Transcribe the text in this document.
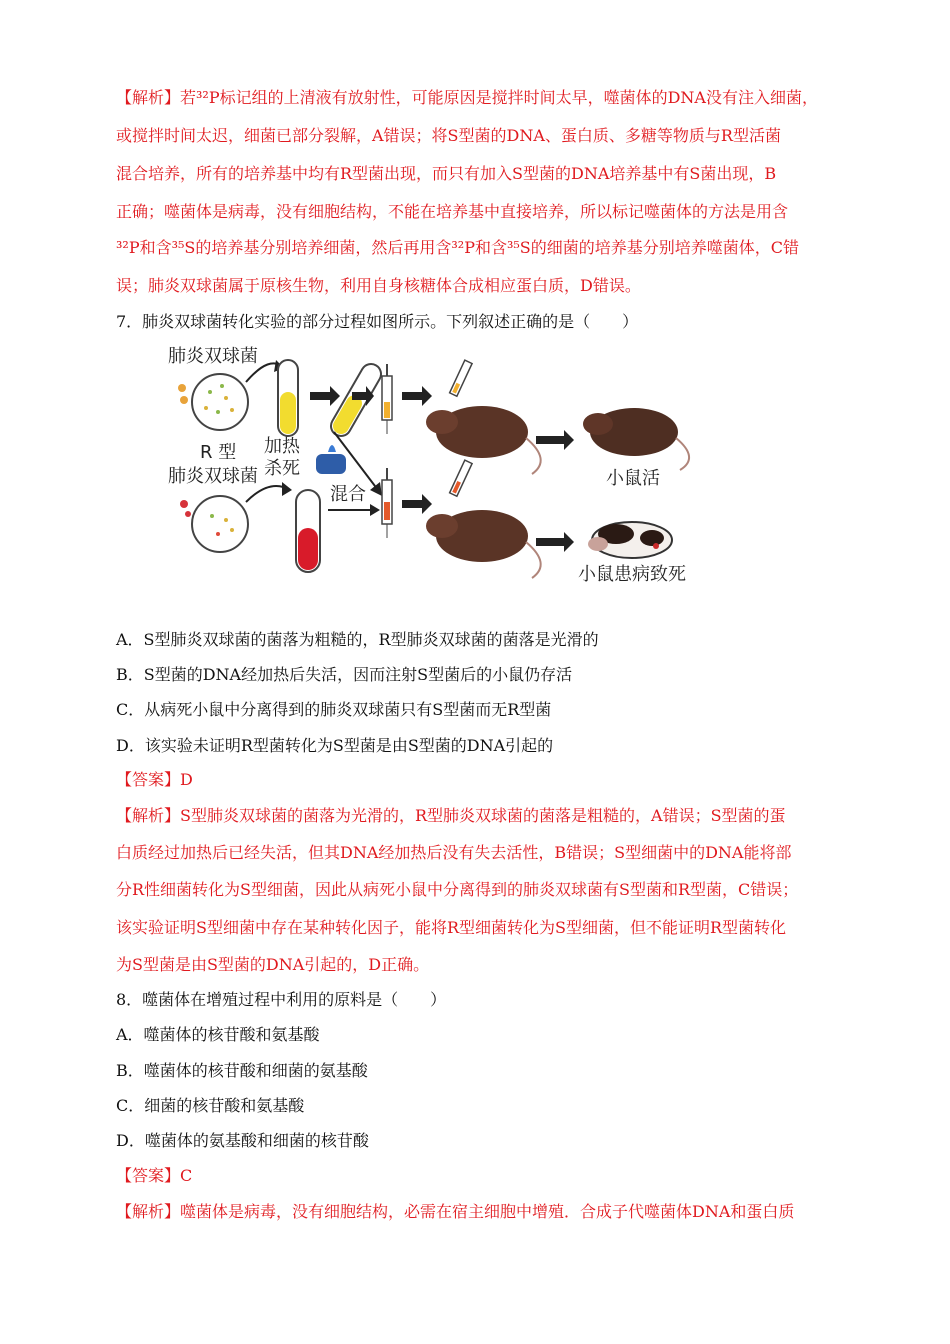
【解析】若³²P标记组的上清液有放射性，可能原因是搅拌时间太早，噬菌体的DNA没有注入细菌，
或搅拌时间太迟，细菌已部分裂解，A错误；将S型菌的DNA、蛋白质、多糖等物质与R型活菌
混合培养，所有的培养基中均有R型菌出现，而只有加入S型菌的DNA培养基中有S菌出现，B
正确；噬菌体是病毒，没有细胞结构，不能在培养基中直接培养，所以标记噬菌体的方法是用含
³²P和含³⁵S的培养基分别培养细菌，然后再用含³²P和含³⁵S的细菌的培养基分别培养噬菌体，C错
误；肺炎双球菌属于原核生物，利用自身核糖体合成相应蛋白质，D错误。
7．肺炎双球菌转化实验的部分过程如图所示。下列叙述正确的是（　　）
肺炎双球菌
R 型
肺炎双球菌
加热
杀死
混合
小鼠活
小鼠患病致死
A．S型肺炎双球菌的菌落为粗糙的，R型肺炎双球菌的菌落是光滑的
B．S型菌的DNA经加热后失活，因而注射S型菌后的小鼠仍存活
C．从病死小鼠中分离得到的肺炎双球菌只有S型菌而无R型菌
D．该实验未证明R型菌转化为S型菌是由S型菌的DNA引起的
【答案】D
【解析】S型肺炎双球菌的菌落为光滑的，R型肺炎双球菌的菌落是粗糙的，A错误；S型菌的蛋
白质经过加热后已经失活，但其DNA经加热后没有失去活性，B错误；S型细菌中的DNA能将部
分R性细菌转化为S型细菌，因此从病死小鼠中分离得到的肺炎双球菌有S型菌和R型菌，C错误；
该实验证明S型细菌中存在某种转化因子，能将R型细菌转化为S型细菌，但不能证明R型菌转化
为S型菌是由S型菌的DNA引起的，D正确。
8．噬菌体在增殖过程中利用的原料是（　　）
A．噬菌体的核苷酸和氨基酸
B．噬菌体的核苷酸和细菌的氨基酸
C．细菌的核苷酸和氨基酸
D．噬菌体的氨基酸和细菌的核苷酸
【答案】C
【解析】噬菌体是病毒，没有细胞结构，必需在宿主细胞中增殖．合成子代噬菌体DNA和蛋白质
